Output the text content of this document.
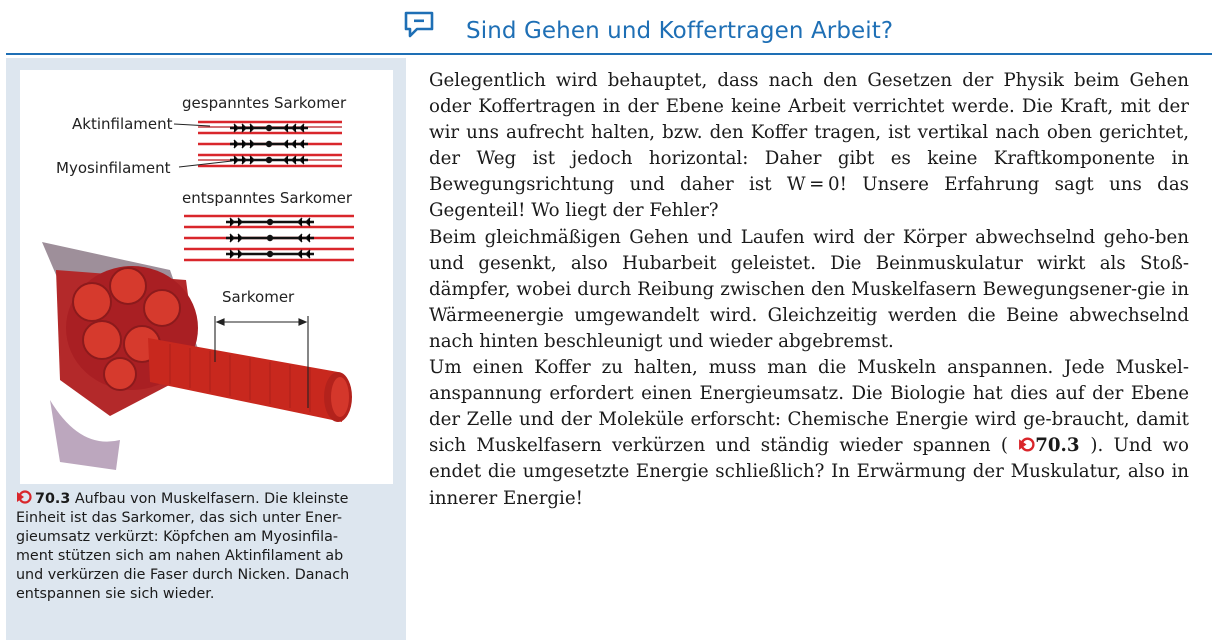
Sind Gehen und Koffertragen Arbeit?
gespanntes Sarkomer
Aktinfilament
Myosinfilament
entspanntes Sarkomer
Sarkomer
70.3 Aufbau von Muskelfasern. Die kleinste
Einheit ist das Sarkomer, das sich unter Ener-
gieumsatz verkürzt: Köpfchen am Myosinfila-
ment stützen sich am nahen Aktinfilament ab
und verkürzen die Faser durch Nicken. Danach
entspannen sie sich wieder.

Gelegentlich wird behauptet, dass nach den Gesetzen der Physik beim Gehen oder Koffertragen in der Ebene keine Arbeit verrichtet werde. Die Kraft, mit der wir uns aufrecht halten, bzw. den Koffer tragen, ist vertikal nach oben gerichtet, der Weg ist jedoch horizontal: Daher gibt es keine Kraftkomponente in Bewegungsrichtung und daher ist W = 0! Unsere Erfahrung sagt uns das Gegenteil! Wo liegt der Fehler?

Beim gleichmäßigen Gehen und Laufen wird der Körper abwechselnd geho-ben und gesenkt, also Hubarbeit geleistet. Die Beinmuskulatur wirkt als Stoß-dämpfer, wobei durch Reibung zwischen den Muskelfasern Bewegungsener-gie in Wärmeenergie umgewandelt wird. Gleichzeitig werden die Beine abwechselnd nach hinten beschleunigt und wieder abgebremst.

Um einen Koffer zu halten, muss man die Muskeln anspannen. Jede Muskel-anspannung erfordert einen Energieumsatz. Die Biologie hat dies auf der Ebene der Zelle und der Moleküle erforscht: Chemische Energie wird ge-braucht, damit sich Muskelfasern verkürzen und ständig wieder spannen ( 70.3 ). Und wo endet die umgesetzte Energie schließlich? In Erwärmung der Muskulatur, also in innerer Energie!
